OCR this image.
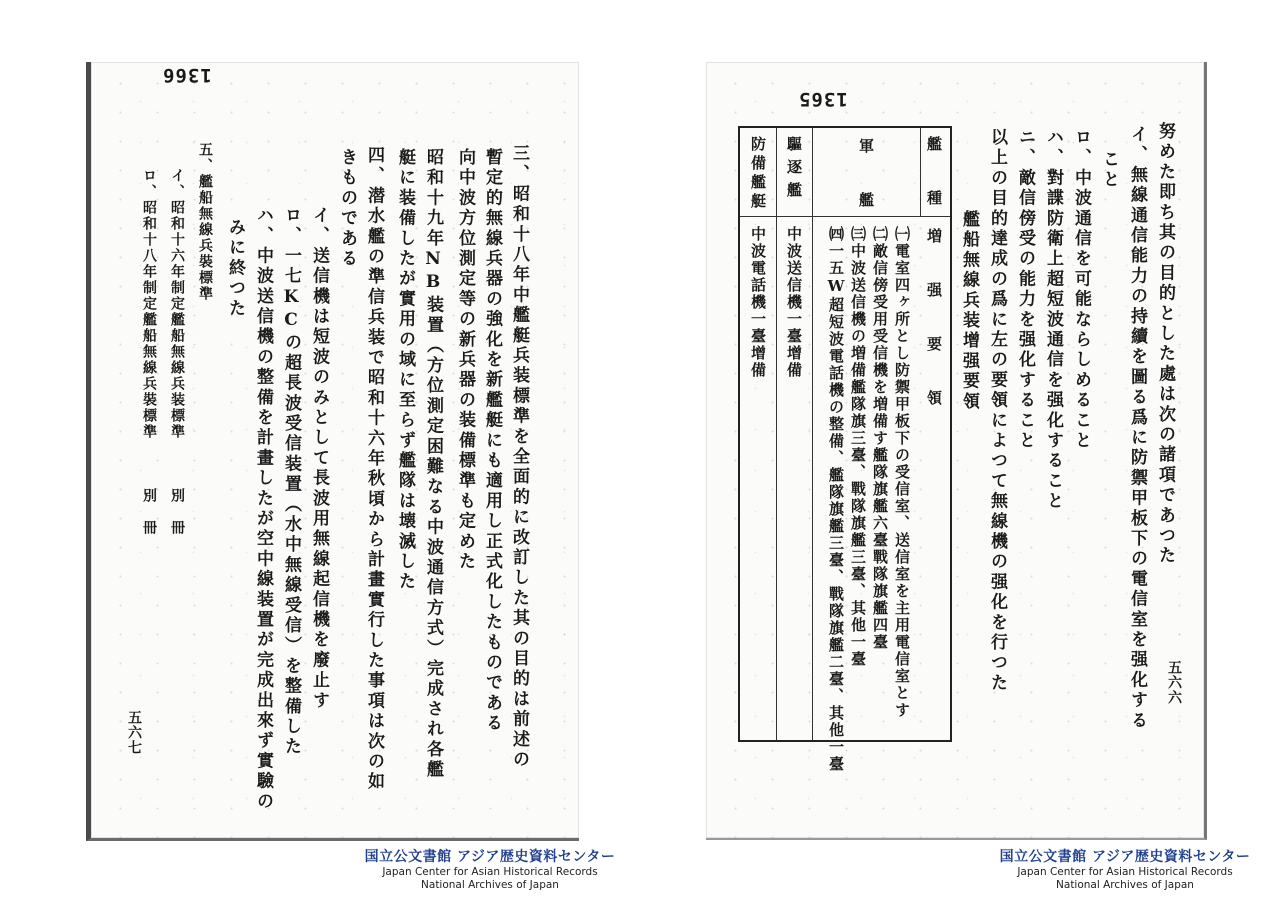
1366
三、昭和十八年中艦艇兵装標準を全面的に改訂した其の目的は前述の
暫定的無線兵器の強化を新艦艇にも適用し正式化したものである
向中波方位測定等の新兵器の装備標準も定めた
昭和十九年NB装置（方位測定困難なる中波通信方式）完成され各艦
艇に装備したが實用の域に至らず艦隊は壊滅した
四、潜水艦の準信兵装で昭和十六年秋頃から計畫實行した事項は次の如
きものである
イ、送信機は短波のみとして長波用無線起信機を廢止す
ロ、一七KCの超長波受信装置（水中無線受信）を整備した
ハ、中波送信機の整備を計畫したが空中線装置が完成出來ず實驗の
みに終つた
五、艦船無線兵裝標準
イ、昭和十六年制定艦船無線兵装標準　　　別　冊
ロ、昭和十八年制定艦船無線兵裝標準　　　別　冊
五六七
1365
努めた即ち其の目的とした處は次の諸項であつた
イ、無線通信能力の持續を圖る爲に防禦甲板下の電信室を强化する
こと
ロ、中波通信を可能ならしめること
ハ、對諜防衛上超短波通信を强化すること
ニ、敵信傍受の能力を强化すること
以上の目的達成の爲に左の要領によつて無線機の强化を行つた
艦船無線兵装增强要領
五六六
艦　種
増　强　要　領
軍　艦
㈠電室四ヶ所とし防禦甲板下の受信室、送信室を主用電信室とす
㈡敵信傍受用受信機を増備す艦隊旗艦六臺戰隊旗艦四臺
㈢中波送信機の増備艦隊旗三臺、戰隊旗艦三臺、其他一臺
㈣一五W超短波電話機の整備、艦隊旗艦三臺、戰隊旗艦二臺、其他一臺
驅逐艦
中波送信機一臺增備
防備艦艇
中波電話機一臺增備
国立公文書館 アジア歴史資料センター
Japan Center for Asian Historical Records
National Archives of Japan
国立公文書館 アジア歴史資料センター
Japan Center for Asian Historical Records
National Archives of Japan
